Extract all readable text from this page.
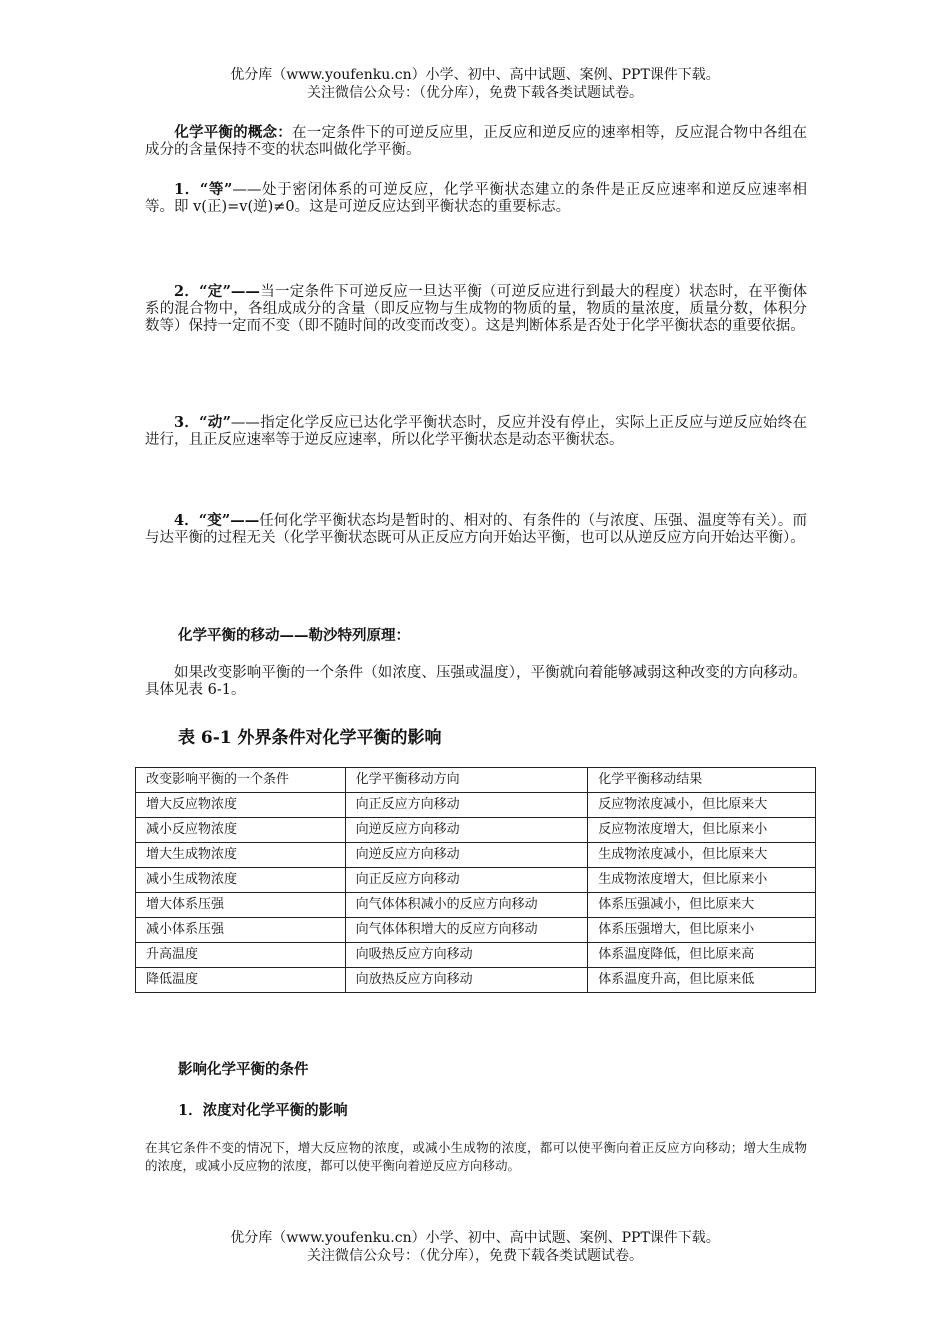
优分库（www.youfenku.cn）小学、初中、高中试题、案例、PPT课件下载。
关注微信公众号：（优分库），免费下载各类试题试卷。
化学平衡的概念：在一定条件下的可逆反应里，正反应和逆反应的速率相等，反应混合物中各组在成分的含量保持不变的状态叫做化学平衡。
1．“等”——处于密闭体系的可逆反应，化学平衡状态建立的条件是正反应速率和逆反应速率相等。即 v(正)=v(逆)≠0。这是可逆反应达到平衡状态的重要标志。
2．“定”——当一定条件下可逆反应一旦达平衡（可逆反应进行到最大的程度）状态时，在平衡体系的混合物中，各组成成分的含量（即反应物与生成物的物质的量，物质的量浓度，质量分数，体积分数等）保持一定而不变（即不随时间的改变而改变）。这是判断体系是否处于化学平衡状态的重要依据。
3．“动”——指定化学反应已达化学平衡状态时，反应并没有停止，实际上正反应与逆反应始终在进行，且正反应速率等于逆反应速率，所以化学平衡状态是动态平衡状态。
4．“变”——任何化学平衡状态均是暂时的、相对的、有条件的（与浓度、压强、温度等有关）。而与达平衡的过程无关（化学平衡状态既可从正反应方向开始达平衡，也可以从逆反应方向开始达平衡）。
化学平衡的移动——勒沙特列原理：
如果改变影响平衡的一个条件（如浓度、压强或温度），平衡就向着能够减弱这种改变的方向移动。具体见表 6-1。
表 6-1 外界条件对化学平衡的影响
改变影响平衡的一个条件	化学平衡移动方向	化学平衡移动结果
增大反应物浓度	向正反应方向移动	反应物浓度减小，但比原来大
减小反应物浓度	向逆反应方向移动	反应物浓度增大，但比原来小
增大生成物浓度	向逆反应方向移动	生成物浓度减小，但比原来大
减小生成物浓度	向正反应方向移动	生成物浓度增大，但比原来小
增大体系压强	向气体体积减小的反应方向移动	体系压强减小，但比原来大
减小体系压强	向气体体积增大的反应方向移动	体系压强增大，但比原来小
升高温度	向吸热反应方向移动	体系温度降低，但比原来高
降低温度	向放热反应方向移动	体系温度升高，但比原来低
影响化学平衡的条件
1．浓度对化学平衡的影响
在其它条件不变的情况下，增大反应物的浓度，或减小生成物的浓度，都可以使平衡向着正反应方向移动；增大生成物的浓度，或减小反应物的浓度，都可以使平衡向着逆反应方向移动。
优分库（www.youfenku.cn）小学、初中、高中试题、案例、PPT课件下载。
关注微信公众号：（优分库），免费下载各类试题试卷。
